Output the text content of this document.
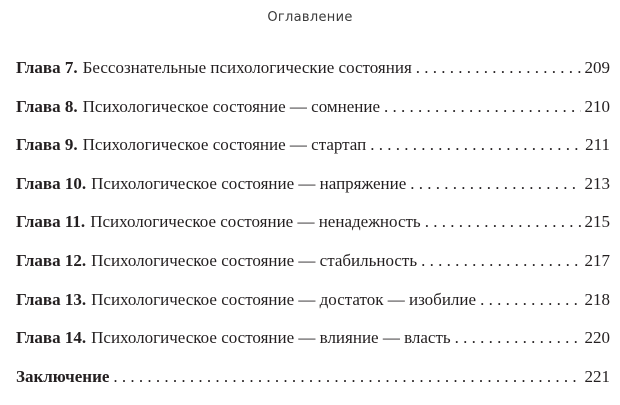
Оглавление
Глава 7. Бессознательные психологические состояния . . .	209
Глава 8. Психологическое состояние — сомнение . . .	210
Глава 9. Психологическое состояние — стартап . . .	211
Глава 10. Психологическое состояние — напряжение . . .	213
Глава 11. Психологическое состояние — ненадежность . . .	215
Глава 12. Психологическое состояние — стабильность . . .	217
Глава 13. Психологическое состояние — достаток — изобилие . . .	218
Глава 14. Психологическое состояние — влияние — власть . . .	220
Заключение . . .	221
